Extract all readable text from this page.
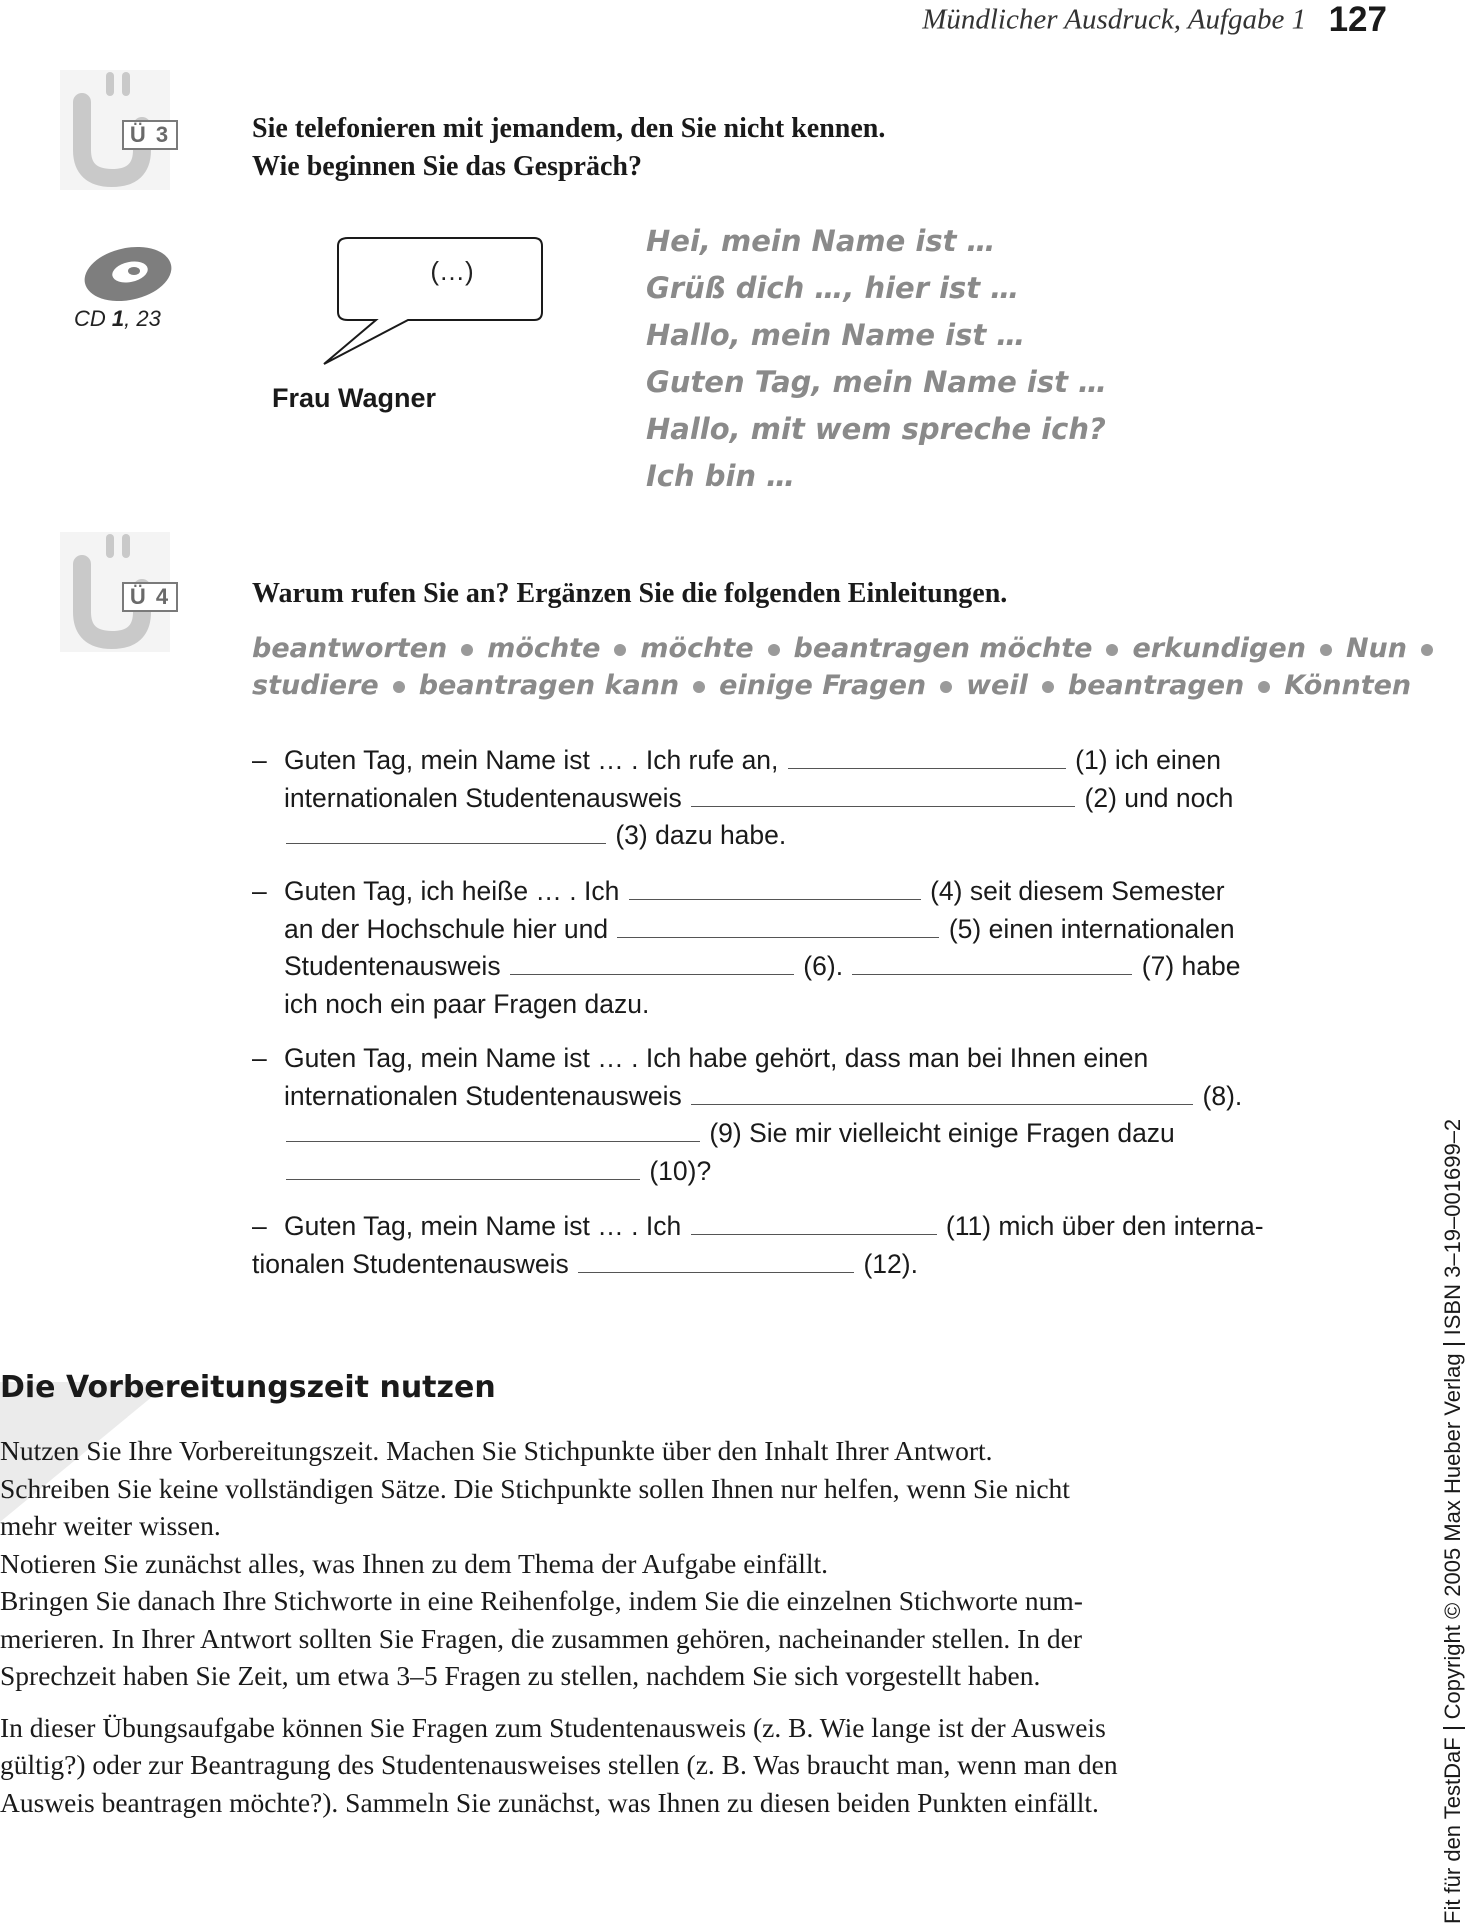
Mündlicher Ausdruck, Aufgabe 1 127
Ü 3	Sie telefonieren mit jemandem, den Sie nicht kennen.
Wie beginnen Sie das Gespräch?
CD 1, 23
(…)
Frau Wagner
Hei, mein Name ist …
Grüß dich …, hier ist …
Hallo, mein Name ist …
Guten Tag, mein Name ist …
Hallo, mit wem spreche ich?
Ich bin …
Ü 4	Warum rufen Sie an? Ergänzen Sie die folgenden Einleitungen.
beantworten möchte möchte beantragen möchte erkundigen Nun
studiere beantragen kann einige Fragen weil beantragen Könnten
– Guten Tag, mein Name ist … . Ich rufe an,	(1) ich einen
internationalen Studentenausweis	(2) und noch
(3) dazu habe.
– Guten Tag, ich heiße … . Ich	(4) seit diesem Semester
an der Hochschule hier und	(5) einen internationalen
Studentenausweis	(6).	(7) habe
ich noch ein paar Fragen dazu.
– Guten Tag, mein Name ist … . Ich habe gehört, dass man bei Ihnen einen
internationalen Studentenausweis	(8).
(9) Sie mir vielleicht einige Fragen dazu
(10)?
– Guten Tag, mein Name ist … . Ich	(11) mich über den interna-
tionalen Studentenausweis	(12).
Die Vorbereitungszeit nutzen

Nutzen Sie Ihre Vorbereitungszeit. Machen Sie Stichpunkte über den Inhalt Ihrer Antwort.
Schreiben Sie keine vollständigen Sätze. Die Stichpunkte sollen Ihnen nur helfen, wenn Sie nicht
mehr weiter wissen.
Notieren Sie zunächst alles, was Ihnen zu dem Thema der Aufgabe einfällt.
Bringen Sie danach Ihre Stichworte in eine Reihenfolge, indem Sie die einzelnen Stichworte num-
merieren. In Ihrer Antwort sollten Sie Fragen, die zusammen gehören, nacheinander stellen. In der
Sprechzeit haben Sie Zeit, um etwa 3–5 Fragen zu stellen, nachdem Sie sich vorgestellt haben.

In dieser Übungsaufgabe können Sie Fragen zum Studentenausweis (z. B. Wie lange ist der Ausweis
gültig?) oder zur Beantragung des Studentenausweises stellen (z. B. Was braucht man, wenn man den
Ausweis beantragen möchte?). Sammeln Sie zunächst, was Ihnen zu diesen beiden Punkten einfällt.	Fit für den TestDaFCopyright © 2005 Max Hueber VerlagISBN 3–19–001699–2
